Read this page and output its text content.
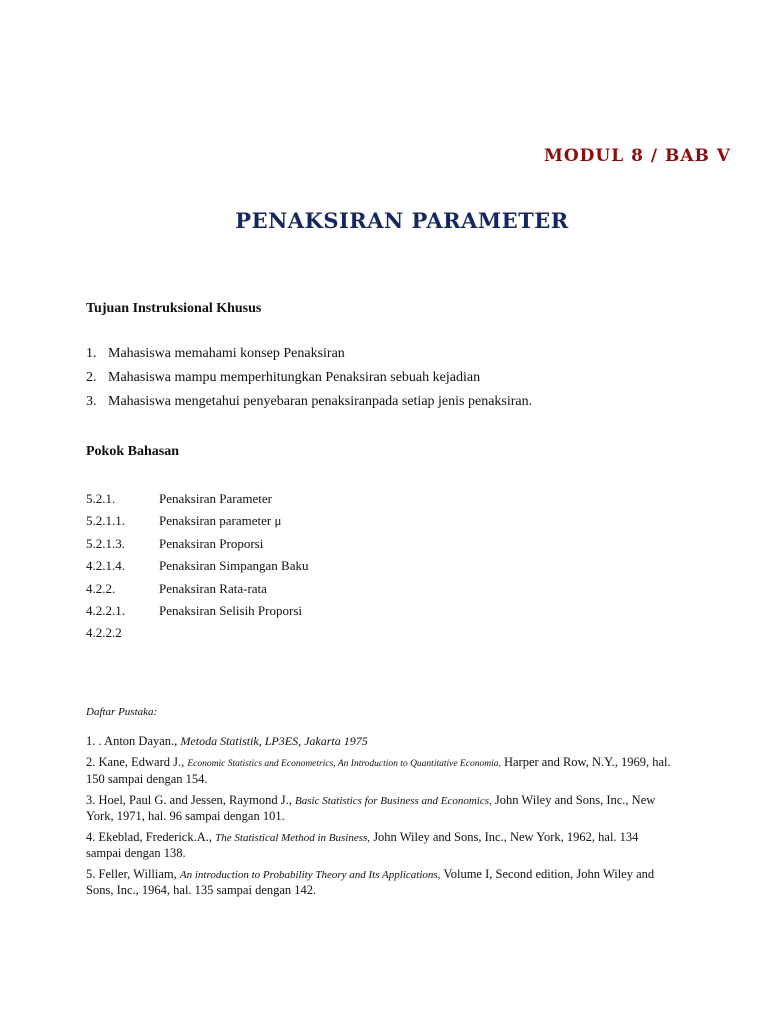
MODUL 8 / BAB V
PENAKSIRAN PARAMETER
Tujuan Instruksional Khusus
1. Mahasiswa memahami konsep Penaksiran
2. Mahasiswa mampu memperhitungkan Penaksiran sebuah kejadian
3. Mahasiswa mengetahui penyebaran penaksiranpada setiap jenis penaksiran.
Pokok Bahasan
5.2.1.	Penaksiran Parameter
5.2.1.1.	Penaksiran parameter μ
5.2.1.3.	Penaksiran Proporsi
4.2.1.4.	Penaksiran Simpangan Baku
4.2.2.	Penaksiran Rata-rata
4.2.2.1.	Penaksiran Selisih Proporsi
4.2.2.2
Daftar Pustaka:
1. . Anton Dayan., Metoda Statistik, LP3ES, Jakarta 1975
2. Kane, Edward J., Economic Statistics and Econometrics, An Introduction to Quantitative Economia, Harper and Row, N.Y., 1969, hal. 150 sampai dengan 154.
3. Hoel, Paul G. and Jessen, Raymond J., Basic Statistics for Business and Economics, John Wiley and Sons, Inc., New York, 1971, hal. 96 sampai dengan 101.
4. Ekeblad, Frederick.A., The Statistical Method in Business, John Wiley and Sons, Inc., New York, 1962, hal. 134 sampai dengan 138.
5. Feller, William, An introduction to Probability Theory and Its Applications, Volume I, Second edition, John Wiley and Sons, Inc., 1964, hal. 135 sampai dengan 142.
